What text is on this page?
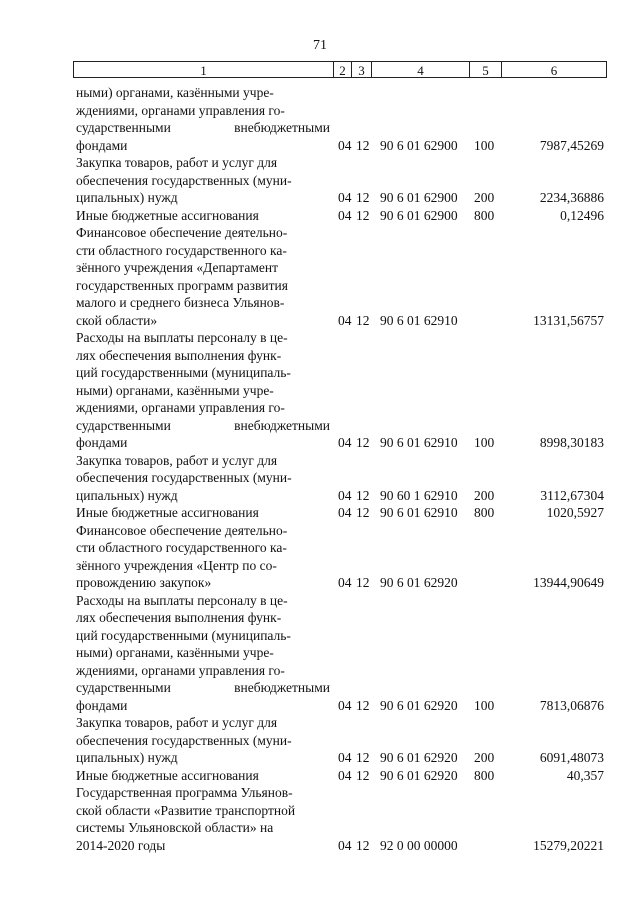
71
1	2 3	4	5	6
ными) органами, казёнными учре-
ждениями, органами управления го-
сударственными внебюджетными
фондами	04 12 90 6 01 62900 100	7987,45269
Закупка товаров, работ и услуг для
обеспечения государственных (муни-
ципальных) нужд	04 12 90 6 01 62900 200	2234,36886
Иные бюджетные ассигнования	04 12 90 6 01 62900 800	0,12496
Финансовое обеспечение деятельно-
сти областного государственного ка-
зённого учреждения «Департамент
государственных программ развития
малого и среднего бизнеса Ульянов-
ской области»	04 12 90 6 01 62910	13131,56757
Расходы на выплаты персоналу в це-
лях обеспечения выполнения функ-
ций государственными (муниципаль-
ными) органами, казёнными учре-
ждениями, органами управления го-
сударственными внебюджетными
фондами	04 12 90 6 01 62910 100	8998,30183
Закупка товаров, работ и услуг для
обеспечения государственных (муни-
ципальных) нужд	04 12 90 60 1 62910 200	3112,67304
Иные бюджетные ассигнования	04 12 90 6 01 62910 800	1020,5927
Финансовое обеспечение деятельно-
сти областного государственного ка-
зённого учреждения «Центр по со-
провождению закупок»	04 12 90 6 01 62920	13944,90649
Расходы на выплаты персоналу в це-
лях обеспечения выполнения функ-
ций государственными (муниципаль-
ными) органами, казёнными учре-
ждениями, органами управления го-
сударственными внебюджетными
фондами	04 12 90 6 01 62920 100	7813,06876
Закупка товаров, работ и услуг для
обеспечения государственных (муни-
ципальных) нужд	04 12 90 6 01 62920 200	6091,48073
Иные бюджетные ассигнования	04 12 90 6 01 62920 800	40,357
Государственная программа Ульянов-
ской области «Развитие транспортной
системы Ульяновской области» на
2014-2020 годы	04 12 92 0 00 00000	15279,20221
